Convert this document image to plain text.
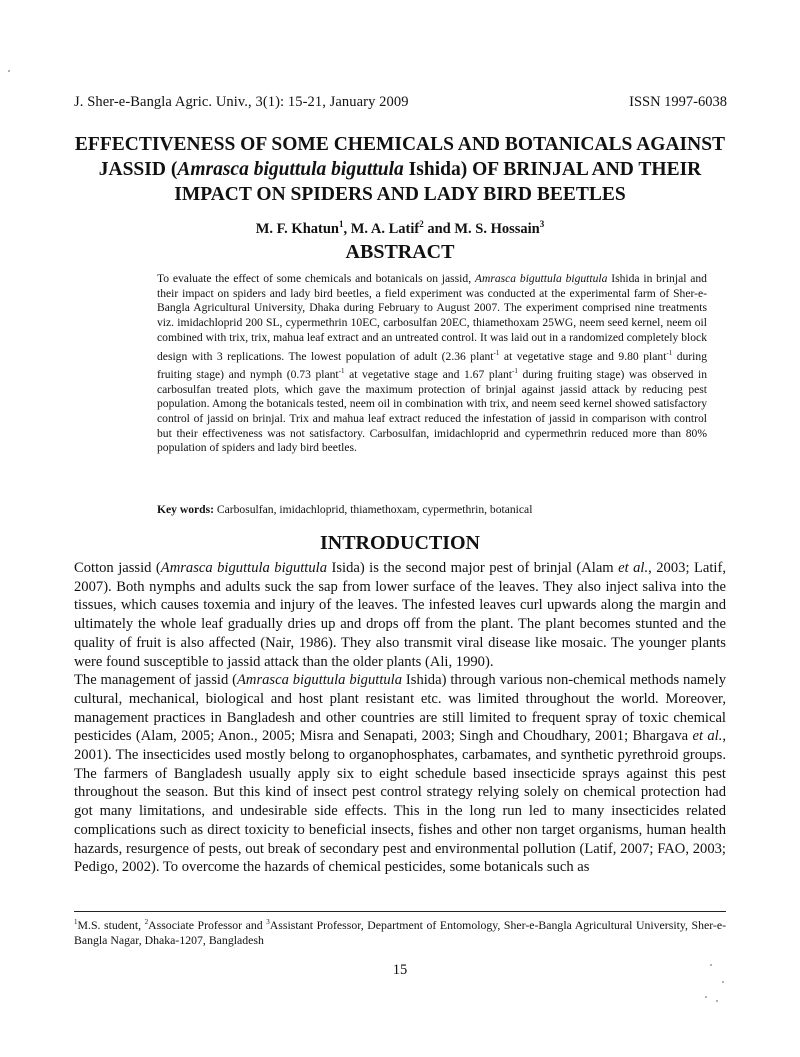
J. Sher-e-Bangla Agric. Univ., 3(1): 15-21, January 2009	ISSN 1997-6038
EFFECTIVENESS OF SOME CHEMICALS AND BOTANICALS AGAINST JASSID (Amrasca biguttula biguttula Ishida) OF BRINJAL AND THEIR IMPACT ON SPIDERS AND LADY BIRD BEETLES
M. F. Khatun$^1$, M. A. Latif$^2$ and M. S. Hossain$^3$
ABSTRACT
To evaluate the effect of some chemicals and botanicals on jassid, Amrasca biguttula biguttula Ishida in brinjal and their impact on spiders and lady bird beetles, a field experiment was conducted at the experimental farm of Sher-e-Bangla Agricultural University, Dhaka during February to August 2007. The experiment comprised nine treatments viz. imidachloprid 200 SL, cypermethrin 10EC, carbosulfan 20EC, thiamethoxam 25WG, neem seed kernel, neem oil combined with trix, trix, mahua leaf extract and an untreated control. It was laid out in a randomized completely block design with 3 replications. The lowest population of adult (2.36 plant$^{-1}$ at vegetative stage and 9.80 plant$^{-1}$ during fruiting stage) and nymph (0.73 plant$^{-1}$ at vegetative stage and 1.67 plant$^{-1}$ during fruiting stage) was observed in carbosulfan treated plots, which gave the maximum protection of brinjal against jassid attack by reducing pest population. Among the botanicals tested, neem oil in combination with trix, and neem seed kernel showed satisfactory control of jassid on brinjal. Trix and mahua leaf extract reduced the infestation of jassid in comparison with control but their effectiveness was not satisfactory. Carbosulfan, imidachloprid and cypermethrin reduced more than 80% population of spiders and lady bird beetles.
Key words: Carbosulfan, imidachloprid, thiamethoxam, cypermethrin, botanical
INTRODUCTION

Cotton jassid (Amrasca biguttula biguttula Isida) is the second major pest of brinjal (Alam et al., 2003; Latif, 2007). Both nymphs and adults suck the sap from lower surface of the leaves. They also inject saliva into the tissues, which causes toxemia and injury of the leaves. The infested leaves curl upwards along the margin and ultimately the whole leaf gradually dries up and drops off from the plant. The plant becomes stunted and the quality of fruit is also affected (Nair, 1986). They also transmit viral disease like mosaic. The younger plants were found susceptible to jassid attack than the older plants (Ali, 1990).

The management of jassid (Amrasca biguttula biguttula Ishida) through various non-chemical methods namely cultural, mechanical, biological and host plant resistant etc. was limited throughout the world. Moreover, management practices in Bangladesh and other countries are still limited to frequent spray of toxic chemical pesticides (Alam, 2005; Anon., 2005; Misra and Senapati, 2003; Singh and Choudhary, 2001; Bhargava et al., 2001). The insecticides used mostly belong to organophosphates, carbamates, and synthetic pyrethroid groups. The farmers of Bangladesh usually apply six to eight schedule based insecticide sprays against this pest throughout the season. But this kind of insect pest control strategy relying solely on chemical protection had got many limitations, and undesirable side effects. This in the long run led to many insecticides related complications such as direct toxicity to beneficial insects, fishes and other non target organisms, human health hazards, resurgence of pests, out break of secondary pest and environmental pollution (Latif, 2007; FAO, 2003; Pedigo, 2002). To overcome the hazards of chemical pesticides, some botanicals such as

$^1$M.S. student, $^2$Associate Professor and $^3$Assistant Professor, Department of Entomology, Sher-e-Bangla Agricultural University, Sher-e-Bangla Nagar, Dhaka-1207, Bangladesh
15
